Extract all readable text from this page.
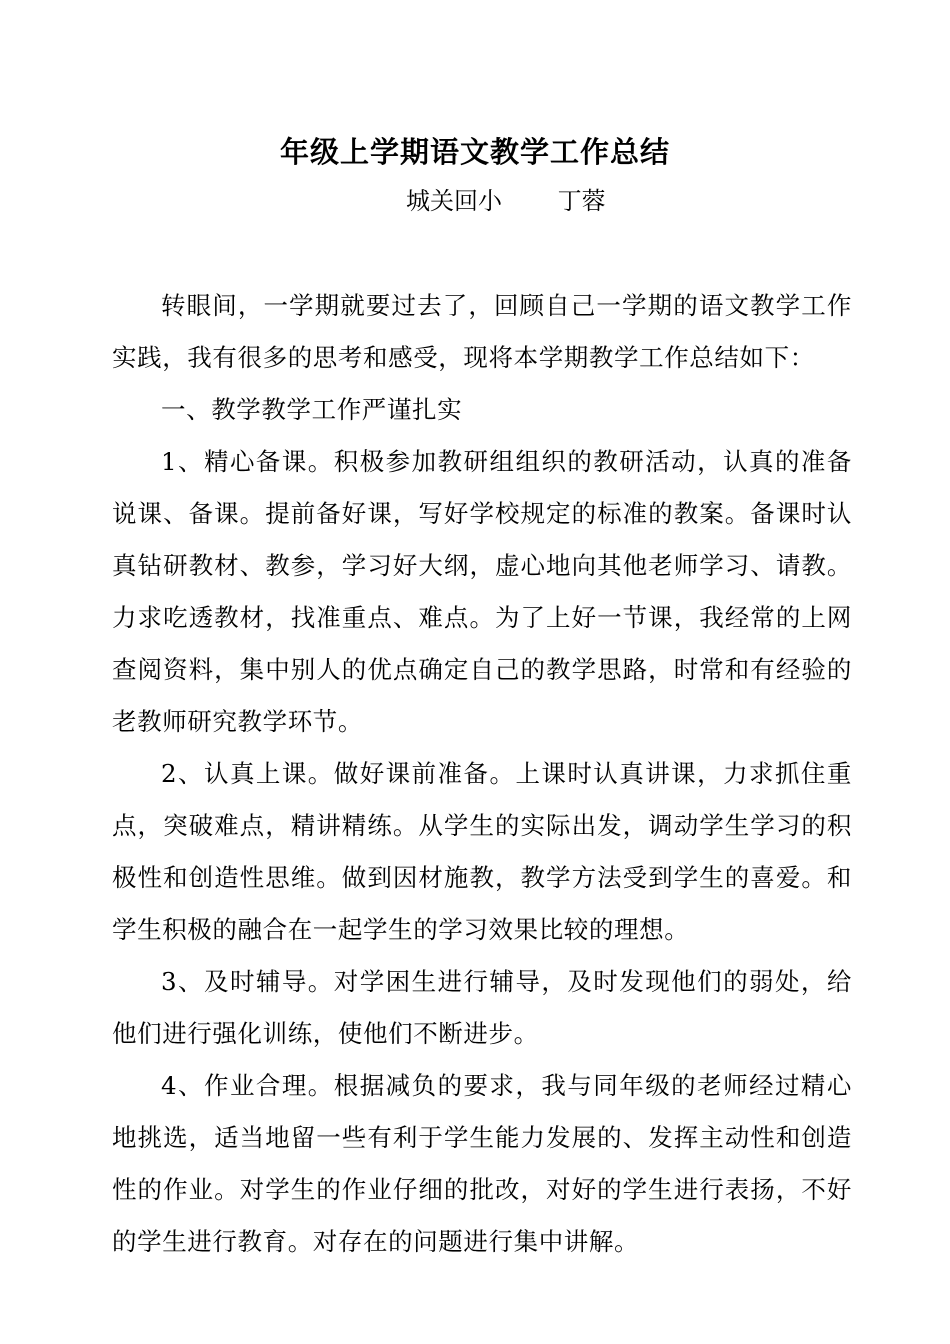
年级上学期语文教学工作总结
城关回小　　 丁蓉

转眼间，一学期就要过去了，回顾自己一学期的语文教学工作实践，我有很多的思考和感受，现将本学期教学工作总结如下：

一、教学教学工作严谨扎实

1、精心备课。积极参加教研组组织的教研活动，认真的准备说课、备课。提前备好课，写好学校规定的标准的教案。备课时认真钻研教材、教参，学习好大纲，虚心地向其他老师学习、请教。力求吃透教材，找准重点、难点。为了上好一节课，我经常的上网查阅资料，集中别人的优点确定自己的教学思路，时常和有经验的老教师研究教学环节。

2、认真上课。做好课前准备。上课时认真讲课，力求抓住重点，突破难点，精讲精练。从学生的实际出发，调动学生学习的积极性和创造性思维。做到因材施教，教学方法受到学生的喜爱。和学生积极的融合在一起学生的学习效果比较的理想。

3、及时辅导。对学困生进行辅导，及时发现他们的弱处，给他们进行强化训练，使他们不断进步。

4、作业合理。根据减负的要求，我与同年级的老师经过精心地挑选，适当地留一些有利于学生能力发展的、发挥主动性和创造性的作业。对学生的作业仔细的批改，对好的学生进行表扬，不好的学生进行教育。对存在的问题进行集中讲解。
